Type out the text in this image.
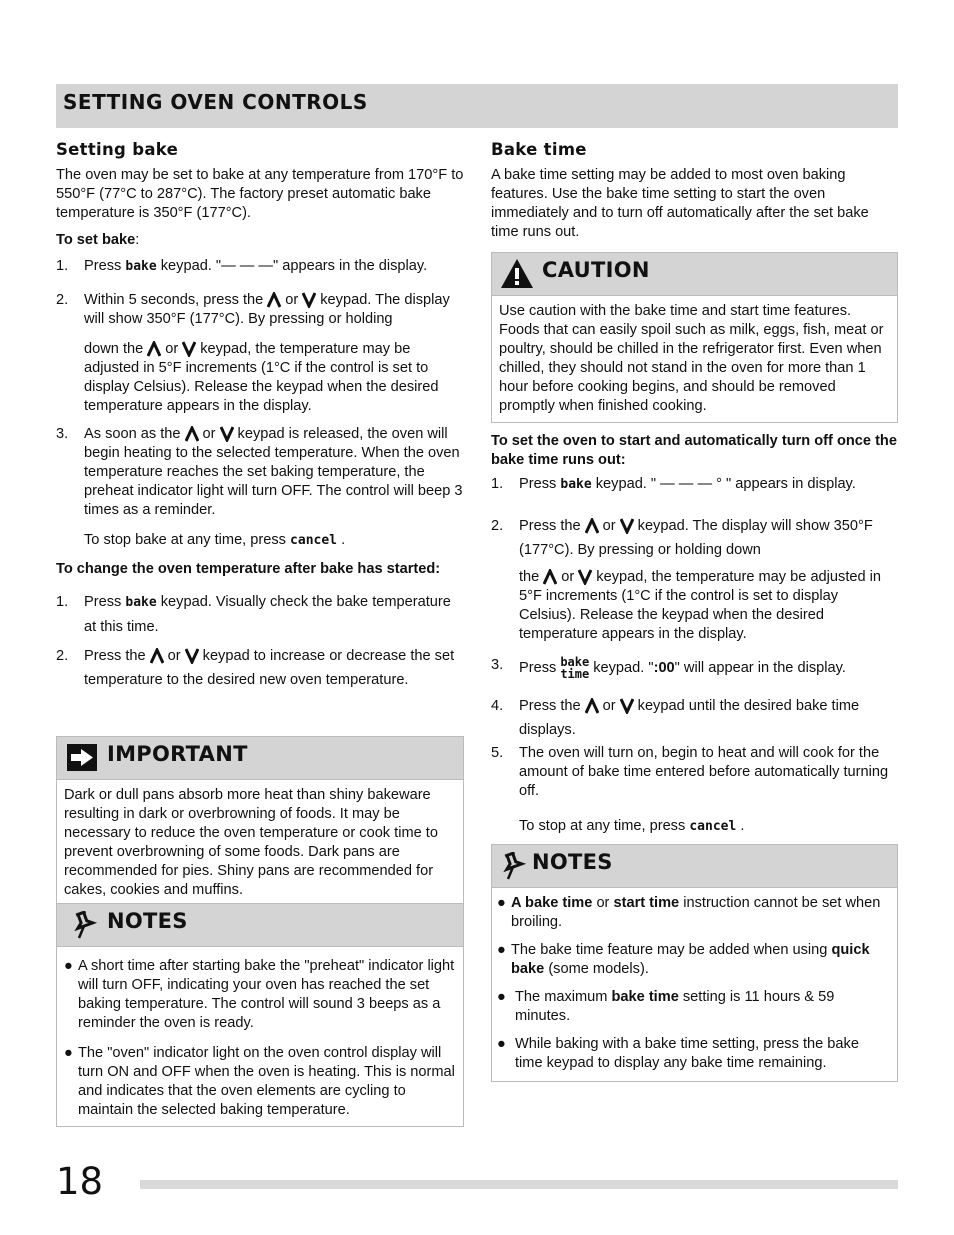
SETTING OVEN CONTROLS
Setting bake

The oven may be set to bake at any temperature from 170°F to 550°F (77°C to 287°C). The factory preset automatic bake temperature is 350°F (177°C).

To set bake:

1. Press bake keypad. "— — —" appears in the display.
2. Within 5 seconds, press the or keypad. The display will show 350°F (177°C). By pressing or holding
down the or keypad, the temperature may be adjusted in 5°F increments (1°C if the control is set to display Celsius). Release the keypad when the desired temperature appears in the display.
3. As soon as the or keypad is released, the oven will begin heating to the selected temperature. When the oven temperature reaches the set baking temperature, the preheat indicator light will turn OFF. The control will beep 3 times as a reminder.
To stop bake at any time, press cancel .

To change the oven temperature after bake has started:

1. Press bake keypad. Visually check the bake temperature at this time.
2. Press the or keypad to increase or decrease the set temperature to the desired new oven temperature.
IMPORTANT
Dark or dull pans absorb more heat than shiny bakeware resulting in dark or overbrowning of foods. It may be necessary to reduce the oven temperature or cook time to prevent overbrowning of some foods. Dark pans are recommended for pies. Shiny pans are recommended for cakes, cookies and muffins.
NOTES
● A short time after starting bake the "preheat" indicator light will turn OFF, indicating your oven has reached the set baking temperature. The control will sound 3 beeps as a reminder the oven is ready.
● The "oven" indicator light on the oven control display will turn ON and OFF when the oven is heating. This is normal and indicates that the oven elements are cycling to maintain the selected baking temperature.
Bake time

A bake time setting may be added to most oven baking features. Use the bake time setting to start the oven immediately and to turn off automatically after the set bake time runs out.

CAUTION
Use caution with the bake time and start time features. Foods that can easily spoil such as milk, eggs, fish, meat or poultry, should be chilled in the refrigerator first. Even when chilled, they should not stand in the oven for more than 1 hour before cooking begins, and should be removed promptly when finished cooking.

To set the oven to start and automatically turn off once the bake time runs out:

1. Press bake keypad. " — — — ° " appears in display.
2. Press the or keypad. The display will show 350°F (177°C). By pressing or holding down
the or keypad, the temperature may be adjusted in 5°F increments (1°C if the control is set to display Celsius). Release the keypad when the desired temperature appears in the display.
3. Press bake
time keypad. ":00" will appear in the display.
4. Press the or keypad until the desired bake time displays.
5. The oven will turn on, begin to heat and will cook for the amount of bake time entered before automatically turning off.
To stop at any time, press cancel .
NOTES
● A bake time or start time instruction cannot be set when broiling.
● The bake time feature may be added when using quick bake (some models).
● The maximum bake time setting is 11 hours & 59 minutes.
● While baking with a bake time setting, press the bake time keypad to display any bake time remaining.
18
